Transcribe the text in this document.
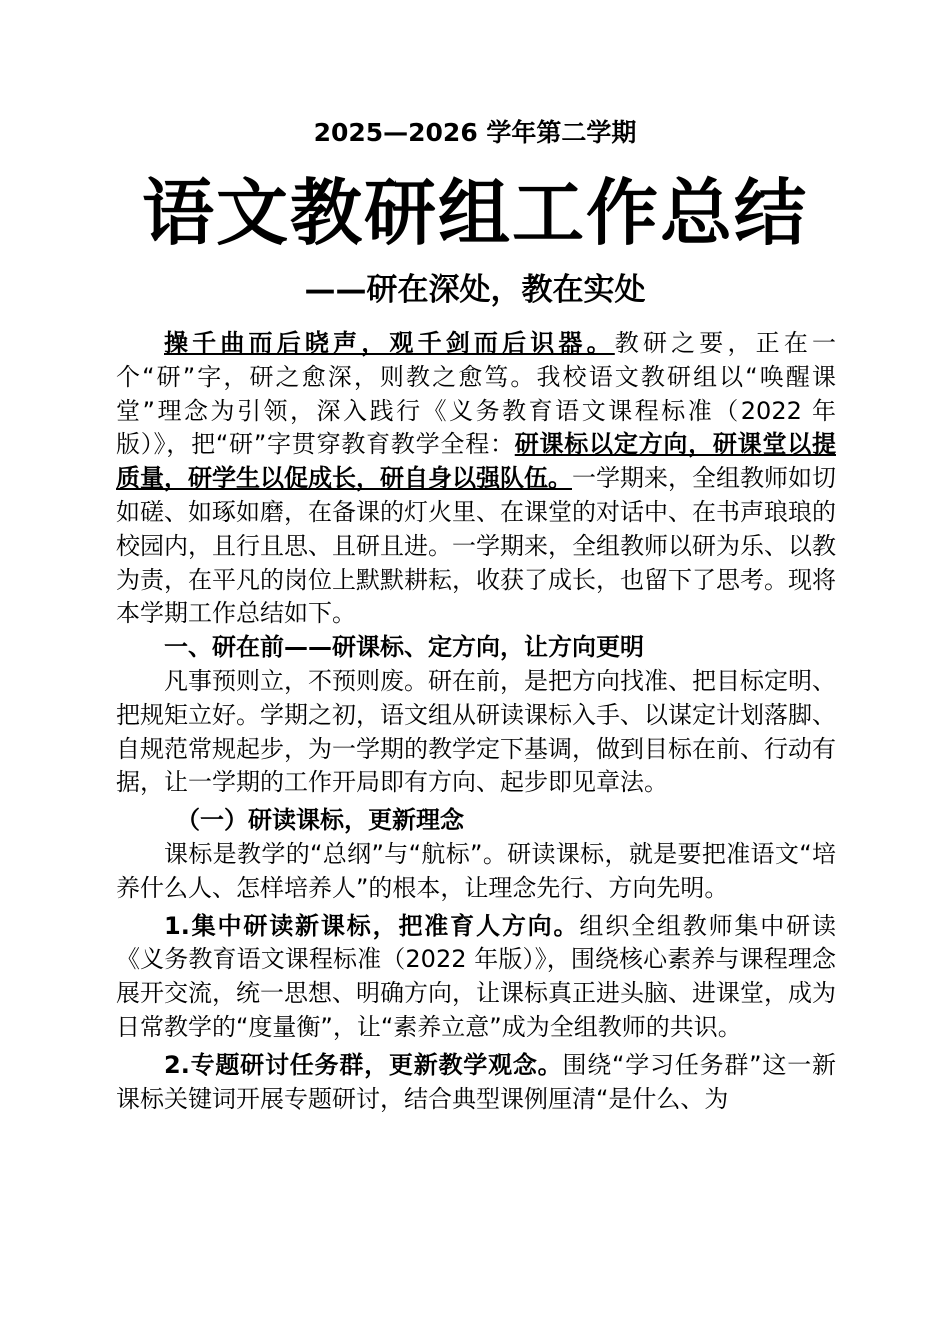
2025—2026 学年第二学期
语文教研组工作总结
——研在深处，教在实处

操千曲而后晓声，观千剑而后识器。教研之要，正在一个“研”字，研之愈深，则教之愈笃。我校语文教研组以“唤醒课堂”理念为引领，深入践行《义务教育语文课程标准（2022 年版）》，把“研”字贯穿教育教学全程：研课标以定方向，研课堂以提质量，研学生以促成长，研自身以强队伍。一学期来，全组教师如切如磋、如琢如磨，在备课的灯火里、在课堂的对话中、在书声琅琅的校园内，且行且思、且研且进。一学期来，全组教师以研为乐、以教为责，在平凡的岗位上默默耕耘，收获了成长，也留下了思考。现将本学期工作总结如下。

一、研在前——研课标、定方向，让方向更明

凡事预则立，不预则废。研在前，是把方向找准、把目标定明、把规矩立好。学期之初，语文组从研读课标入手、以谋定计划落脚、自规范常规起步，为一学期的教学定下基调，做到目标在前、行动有据，让一学期的工作开局即有方向、起步即见章法。

（一）研读课标，更新理念

课标是教学的“总纲”与“航标”。研读课标，就是要把准语文“培养什么人、怎样培养人”的根本，让理念先行、方向先明。

1.集中研读新课标，把准育人方向。组织全组教师集中研读《义务教育语文课程标准（2022 年版）》，围绕核心素养与课程理念展开交流，统一思想、明确方向，让课标真正进头脑、进课堂，成为日常教学的“度量衡”，让“素养立意”成为全组教师的共识。

2.专题研讨任务群，更新教学观念。围绕“学习任务群”这一新课标关键词开展专题研讨，结合典型课例厘清“是什么、为
